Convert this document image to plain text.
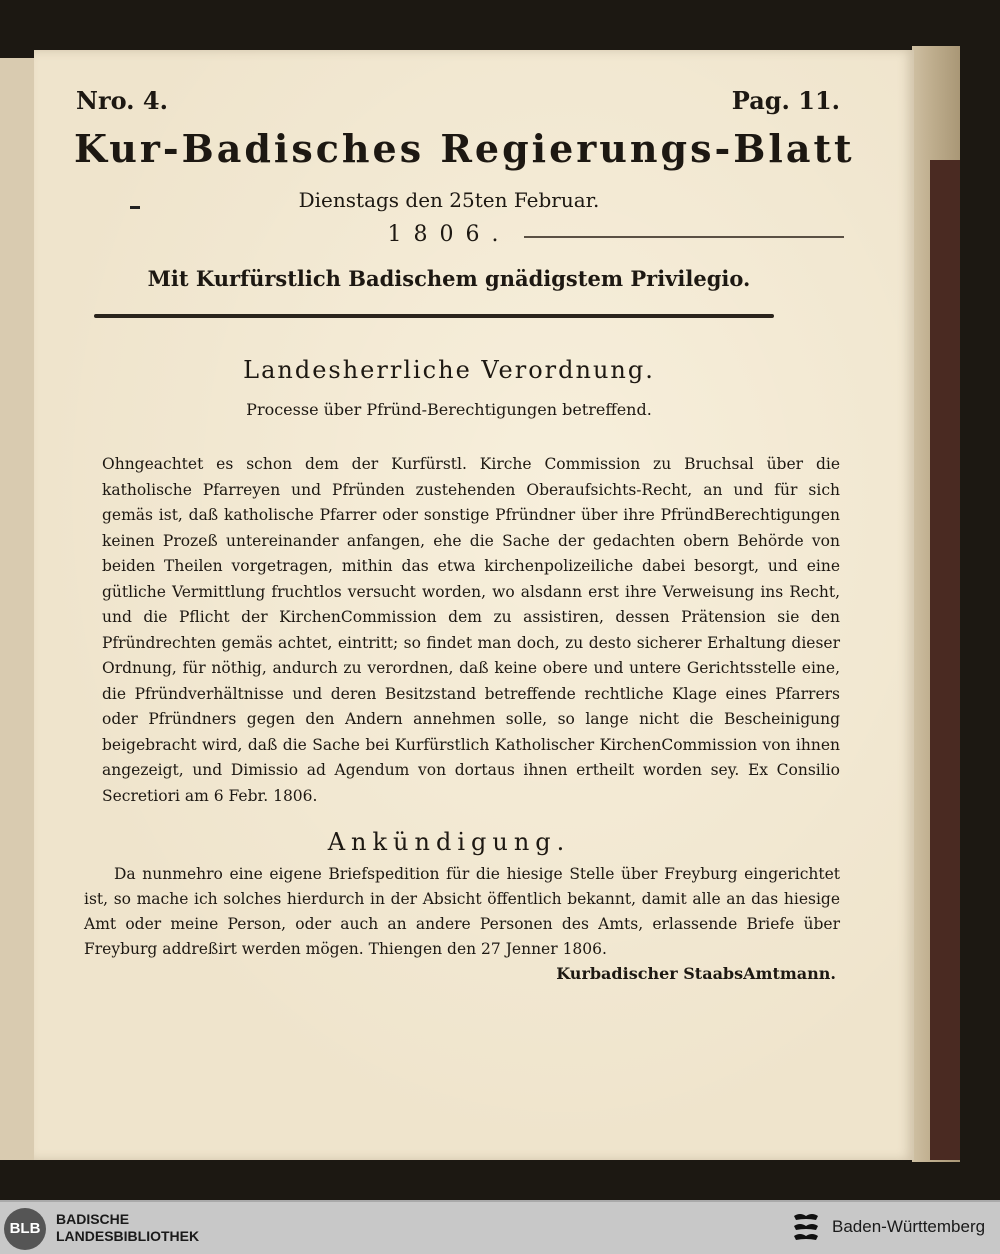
Nro. 4.	Pag. 11.
Kur-Badisches Regierungs-Blatt
Dienstags den 25ten Februar.
1806.
Mit Kurfürstlich Badischem gnädigstem Privilegio.
Landesherrliche Verordnung.
Processe über Pfründ-Berechtigungen betreffend.
Ohngeachtet es schon dem der Kurfürstl. Kirche Commission zu Bruchsal über die katholische Pfarreyen und Pfründen zustehenden Oberaufsichts-Recht, an und für sich gemäs ist, daß katholische Pfarrer oder sonstige Pfründner über ihre PfründBerechtigungen keinen Prozeß untereinander anfangen, ehe die Sache der gedachten obern Behörde von beiden Theilen vorgetragen, mithin das etwa kirchenpolizeiliche dabei besorgt, und eine gütliche Vermittlung fruchtlos versucht worden, wo alsdann erst ihre Verweisung ins Recht, und die Pflicht der KirchenCommission dem zu assistiren, dessen Prätension sie den Pfründrechten gemäs achtet, eintritt; so findet man doch, zu desto sicherer Erhaltung dieser Ordnung, für nöthig, andurch zu verordnen, daß keine obere und untere Gerichtsstelle eine, die Pfründverhältnisse und deren Besitzstand betreffende rechtliche Klage eines Pfarrers oder Pfründners gegen den Andern annehmen solle, so lange nicht die Bescheinigung beigebracht wird, daß die Sache bei Kurfürstlich Katholischer KirchenCommission von ihnen angezeigt, und Dimissio ad Agendum von dortaus ihnen ertheilt worden sey. Ex Consilio Secretiori am 6 Febr. 1806.
Ankündigung.
Da nunmehro eine eigene Briefspedition für die hiesige Stelle über Freyburg eingerichtet ist, so mache ich solches hierdurch in der Absicht öffentlich bekannt, damit alle an das hiesige Amt oder meine Person, oder auch an andere Personen des Amts, erlassende Briefe über Freyburg addreßirt werden mögen. Thiengen den 27 Jenner 1806.
Kurbadischer StaabsAmtmann.
BLB
BADISCHE
LANDESBIBLIOTHEK	Baden-Württemberg
